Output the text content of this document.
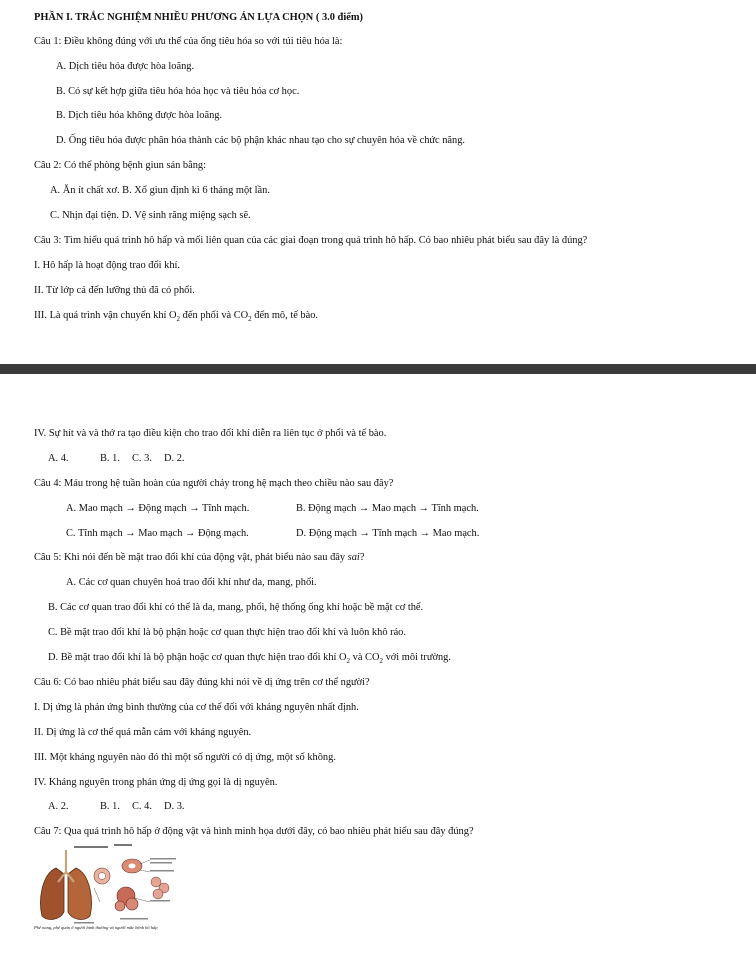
PHẦN I. TRẮC NGHIỆM NHIỀU PHƯƠNG ÁN LỰA CHỌN ( 3.0 điểm)
Câu 1: Điều không đúng với ưu thế của ống tiêu hóa so với túi tiêu hóa là:
A. Dịch tiêu hóa được hòa loãng.
B. Có sự kết hợp giữa tiêu hóa hóa học và tiêu hóa cơ học.
B. Dịch tiêu hóa không được hòa loãng.
D. Ống tiêu hóa được phân hóa thành các bộ phận khác nhau tạo cho sự chuyên hóa về chức năng.
Câu 2: Có thể phòng bệnh giun sán bằng:
A. Ăn ít chất xơ. B. Xổ giun định kì 6 tháng một lần.
C. Nhịn đại tiện. D. Vệ sinh răng miệng sạch sẽ.
Câu 3: Tìm hiểu quá trình hô hấp và mối liên quan của các giai đoạn trong quá trình hô hấp. Có bao nhiêu phát biểu sau đây là đúng?
I. Hô hấp là hoạt động trao đổi khí.
II. Từ lớp cá đến lưỡng thủ đã có phổi.
III. Là quá trình vận chuyển khí $O_2$ đến phổi và $CO_2$ đến mô, tế bào.
IV. Sự hít và và thở ra tạo điều kiện cho trao đổi khí diễn ra liên tục ở phổi và tế bào.
A. 4.	B. 1. C. 3. D. 2.
Câu 4: Máu trong hệ tuần hoàn của người chảy trong hệ mạch theo chiều nào sau đây?
A. Mao mạch → Động mạch → Tĩnh mạch.	B. Động mạch → Mao mạch → Tĩnh mạch.
C. Tĩnh mạch → Mao mạch → Động mạch.	D. Động mạch → Tĩnh mạch → Mao mạch.
Câu 5: Khi nói đến bề mặt trao đổi khí của động vật, phát biểu nào sau đây sai?
A. Các cơ quan chuyên hoá trao đổi khí như da, mang, phổi.
B. Các cơ quan trao đổi khí có thể là da, mang, phổi, hệ thống ống khí hoặc bề mặt cơ thể.
C. Bề mặt trao đổi khí là bộ phận hoặc cơ quan thực hiện trao đổi khí và luôn khô ráo.
D. Bề mặt trao đổi khí là bộ phận hoặc cơ quan thực hiện trao đổi khí $O_2$ và $CO_2$ với môi trường.
Câu 6: Có bao nhiêu phát biểu sau đây đúng khi nói về dị ứng trên cơ thể người?
I. Dị ứng là phản ứng bình thường của cơ thể đối với kháng nguyên nhất định.
II. Dị ứng là cơ thể quá mẫn cảm với kháng nguyên.
III. Một kháng nguyên nào đó thì một số người có dị ứng, một số không.
IV. Kháng nguyên trong phản ứng dị ứng gọi là dị nguyên.
A. 2.	B. 1. C. 4. D. 3.
Câu 7: Qua quá trình hô hấp ở động vật và hình minh họa dưới đây, có bao nhiêu phát hiểu sau đây đúng?
Phế nang, phế quản ở người bình thường và người mắc bệnh hô hấp
